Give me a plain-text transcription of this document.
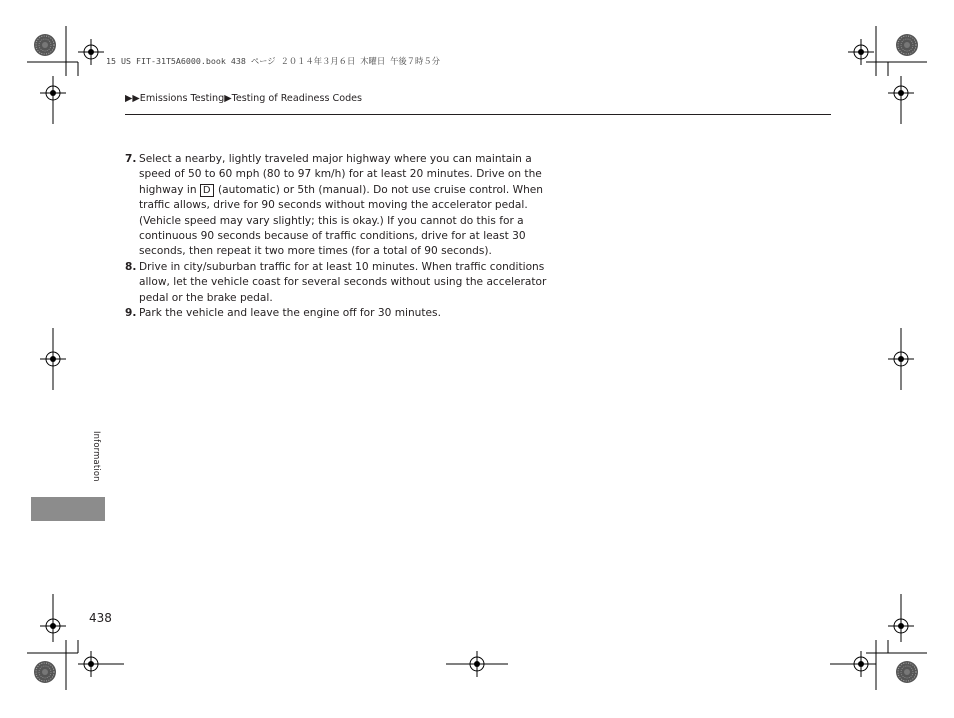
15 US FIT-31T5A6000.book 438 ページ ２０１４年３月６日 木曜日 午後７時５分
▶▶Emissions Testing▶Testing of Readiness Codes
7. Select a nearby, lightly traveled major highway where you can maintain a speed of 50 to 60 mph (80 to 97 km/h) for at least 20 minutes. Drive on the highway in D (automatic) or 5th (manual). Do not use cruise control. When traffic allows, drive for 90 seconds without moving the accelerator pedal. (Vehicle speed may vary slightly; this is okay.) If you cannot do this for a continuous 90 seconds because of traffic conditions, drive for at least 30 seconds, then repeat it two more times (for a total of 90 seconds).
8. Drive in city/suburban traffic for at least 10 minutes. When traffic conditions allow, let the vehicle coast for several seconds without using the accelerator pedal or the brake pedal.
9. Park the vehicle and leave the engine off for 30 minutes.
Information
438
